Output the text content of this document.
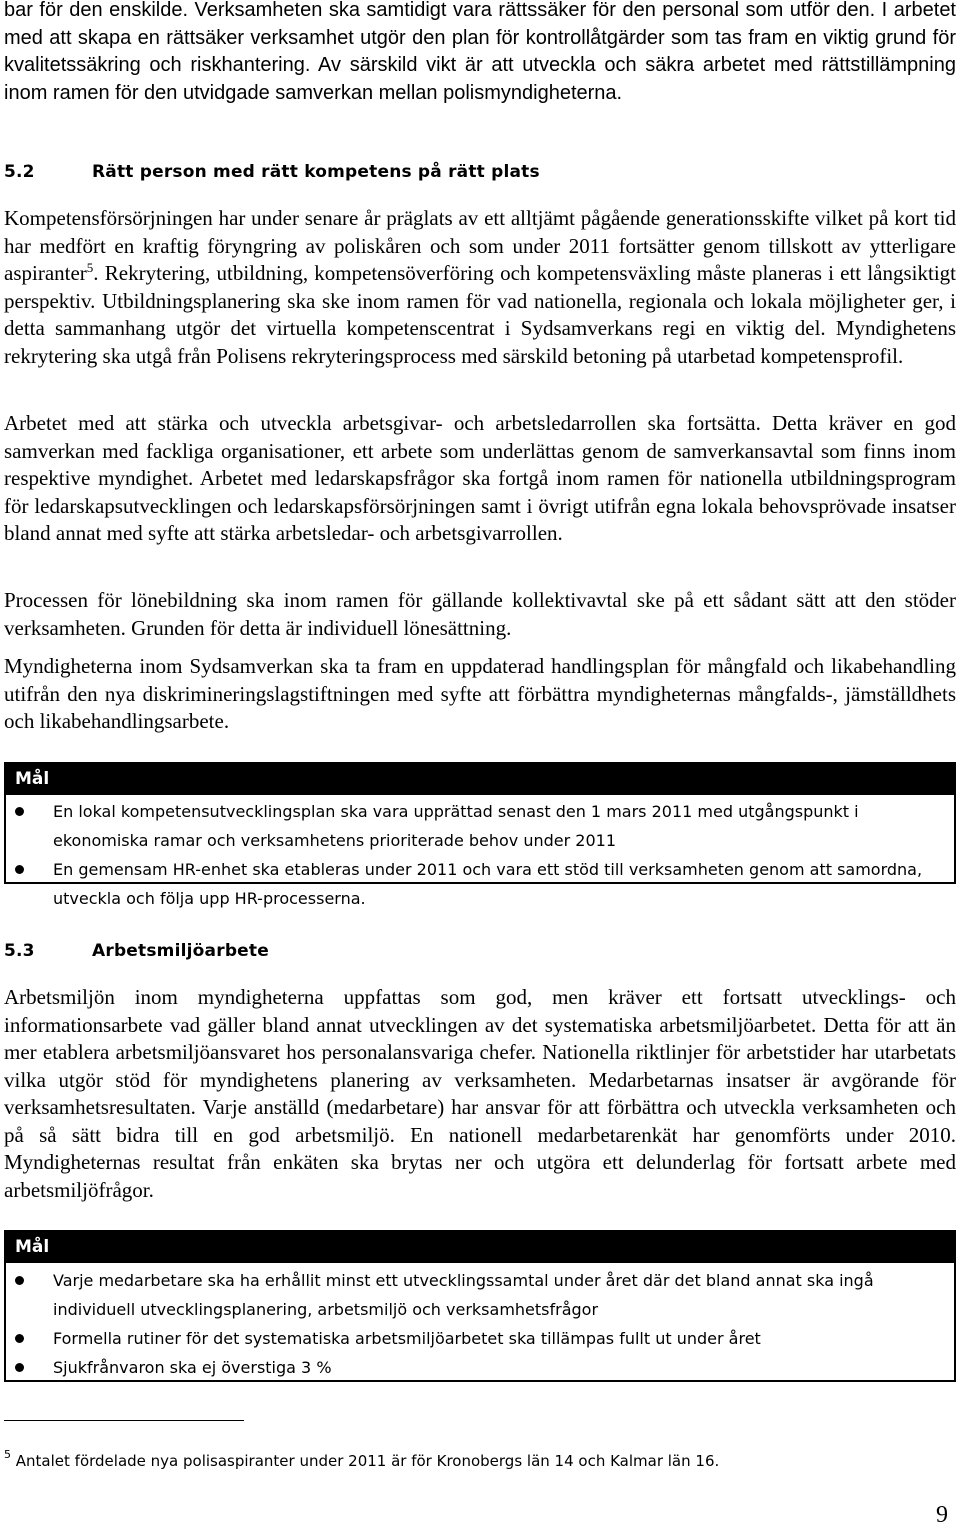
bar för den enskilde. Verksamheten ska samtidigt vara rättssäker för den personal som utför den. I arbetet med att skapa en rättsäker verksamhet utgör den plan för kontrollåtgärder som tas fram en viktig grund för kvalitetssäkring och riskhantering. Av särskild vikt är att utveckla och säkra arbetet med rättstillämpning inom ramen för den utvidgade samverkan mellan polismyndigheterna.

5.2	Rätt person med rätt kompetens på rätt plats

Kompetensförsörjningen har under senare år präglats av ett alltjämt pågående generationsskifte vilket på kort tid har medfört en kraftig föryngring av poliskåren och som under 2011 fortsätter genom tillskott av ytterligare aspiranter$^5$. Rekrytering, utbildning, kompetensöverföring och kompetensväxling måste planeras i ett långsiktigt perspektiv. Utbildningsplanering ska ske inom ramen för vad nationella, regionala och lokala möjligheter ger, i detta sammanhang utgör det virtuella kompetenscentrat i Sydsamverkans regi en viktig del. Myndighetens rekrytering ska utgå från Polisens rekryteringsprocess med särskild betoning på utarbetad kompetensprofil.

Arbetet med att stärka och utveckla arbetsgivar- och arbetsledarrollen ska fortsätta. Detta kräver en god samverkan med fackliga organisationer, ett arbete som underlättas genom de samverkansavtal som finns inom respektive myndighet. Arbetet med ledarskapsfrågor ska fortgå inom ramen för nationella utbildningsprogram för ledarskapsutvecklingen och ledarskapsförsörjningen samt i övrigt utifrån egna lokala behovsprövade insatser bland annat med syfte att stärka arbetsledar- och arbetsgivarrollen.

Processen för lönebildning ska inom ramen för gällande kollektivavtal ske på ett sådant sätt att den stöder verksamheten. Grunden för detta är individuell lönesättning.

Myndigheterna inom Sydsamverkan ska ta fram en uppdaterad handlingsplan för mångfald och likabehandling utifrån den nya diskrimineringslagstiftningen med syfte att förbättra myndigheternas mångfalds-, jämställdhets och likabehandlingsarbete.

Mål
En lokal kompetensutvecklingsplan ska vara upprättad senast den 1 mars 2011 med utgångspunkt i ekonomiska ramar och verksamhetens prioriterade behov under 2011
En gemensam HR-enhet ska etableras under 2011 och vara ett stöd till verksamheten genom att samordna, utveckla och följa upp HR-processerna.
5.3	Arbetsmiljöarbete

Arbetsmiljön inom myndigheterna uppfattas som god, men kräver ett fortsatt utvecklings- och informationsarbete vad gäller bland annat utvecklingen av det systematiska arbetsmiljöarbetet. Detta för att än mer etablera arbetsmiljöansvaret hos personalansvariga chefer. Nationella riktlinjer för arbetstider har utarbetats vilka utgör stöd för myndighetens planering av verksamheten. Medarbetarnas insatser är avgörande för verksamhetsresultaten. Varje anställd (medarbetare) har ansvar för att förbättra och utveckla verksamheten och på så sätt bidra till en god arbetsmiljö. En nationell medarbetarenkät har genomförts under 2010. Myndigheternas resultat från enkäten ska brytas ner och utgöra ett delunderlag för fortsatt arbete med arbetsmiljöfrågor.

Mål
Varje medarbetare ska ha erhållit minst ett utvecklingssamtal under året där det bland annat ska ingå individuell utvecklingsplanering, arbetsmiljö och verksamhetsfrågor
Formella rutiner för det systematiska arbetsmiljöarbetet ska tillämpas fullt ut under året
Sjukfrånvaron ska ej överstiga 3 %
$^5$ Antalet fördelade nya polisaspiranter under 2011 är för Kronobergs län 14 och Kalmar län 16.
9
